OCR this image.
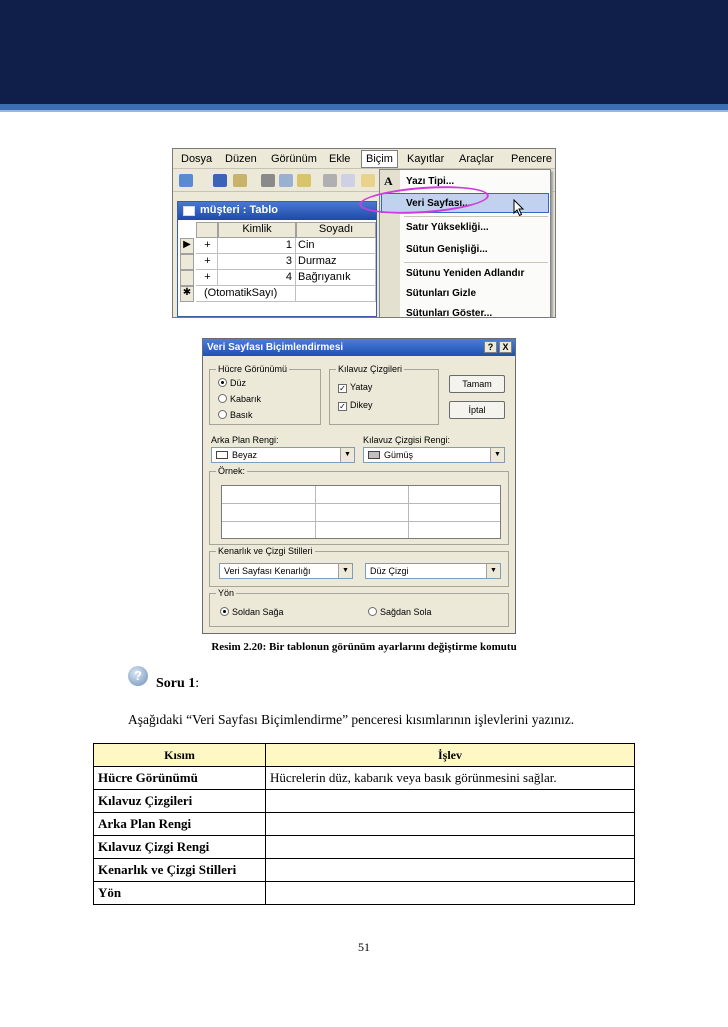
Dosya Düzen Görünüm Ekle	Biçim	Kayıtlar Araçlar Pencere
müşteri : Tablo
Kimlik	Soyadı
▶	+	1 Cin
+	3 Durmaz
+	4 Bağrıyanık
✱	(OtomatikSayı)
A Yazı Tipi...
Veri Sayfası...
Satır Yüksekliği...
Sütun Genişliği...
Sütunu Yeniden Adlandır
Sütunları Gizle
Sütunları Göster...
Veri Sayfası Biçimlendirmesi	?	X
Hücre Görünümü
Düz
Kabarık
Basık
Kılavuz Çizgileri
✓ Yatay
✓ Dikey
Tamam
İptal
Arka Plan Rengi:
Beyaz	▼
Kılavuz Çizgisi Rengi:
Gümüş	▼
Örnek:
Kenarlık ve Çizgi Stilleri
Veri Sayfası Kenarlığı	▼	Düz Çizgi	▼
Yön
Soldan Sağa	Sağdan Sola
Resim 2.20: Bir tablonun görünüm ayarlarını değiştirme komutu
?
Soru 1:
Aşağıdaki “Veri Sayfası Biçimlendirme” penceresi kısımlarının işlevlerini yazınız.
Kısım	İşlev
Hücre Görünümü	Hücrelerin düz, kabarık veya basık görünmesini sağlar.
Kılavuz Çizgileri	
Arka Plan Rengi	
Kılavuz Çizgi Rengi	
Kenarlık ve Çizgi Stilleri	
Yön	
51
